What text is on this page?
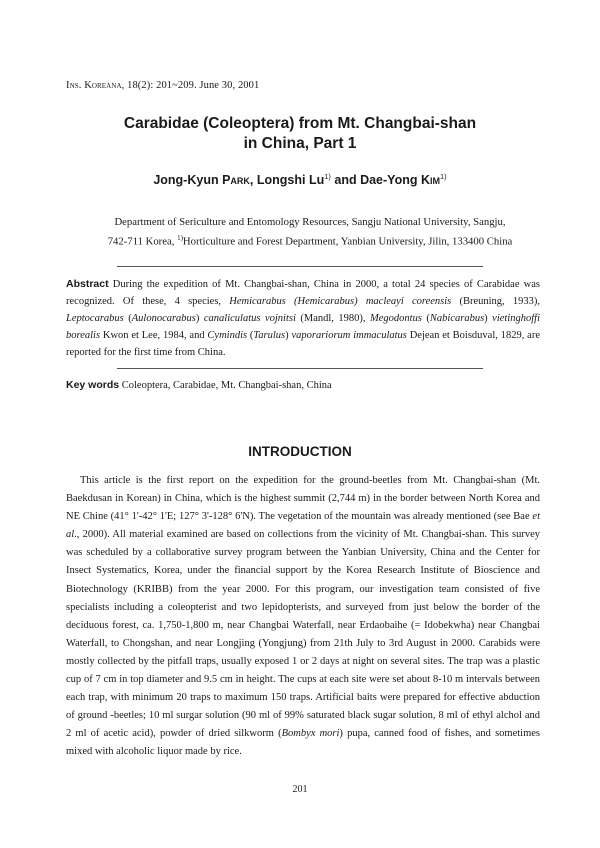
Ins. Koreana, 18(2): 201~209. June 30, 2001
Carabidae (Coleoptera) from Mt. Changbai-shan
in China, Part 1
Jong-Kyun Park, Longshi Lu$^{1)}$ and Dae-Yong Kim$^{1)}$
Department of Sericulture and Entomology Resources, Sangju National University, Sangju,
742-711 Korea, $^{1)}$Horticulture and Forest Department, Yanbian University, Jilin, 133400 China
Abstract During the expedition of Mt. Changbai-shan, China in 2000, a total 24 species of Carabidae was recognized. Of these, 4 species, Hemicarabus (Hemicarabus) macleayi coreensis (Breuning, 1933), Leptocarabus (Aulonocarabus) canaliculatus vojnitsi (Mandl, 1980), Megodontus (Nabicarabus) vietinghoffi borealis Kwon et Lee, 1984, and Cymindis (Tarulus) vaporariorum immaculatus Dejean et Boisduval, 1829, are reported for the first time from China.
Key words Coleoptera, Carabidae, Mt. Changbai-shan, China
INTRODUCTION
This article is the first report on the expedition for the ground-beetles from Mt. Changbai-shan (Mt. Baekdusan in Korean) in China, which is the highest summit (2,744 m) in the border between North Korea and NE Chine (41° 1'-42° 1'E; 127° 3'-128° 6'N). The vegetation of the mountain was already mentioned (see Bae et al., 2000). All material examined are based on collections from the vicinity of Mt. Changbai-shan. This survey was scheduled by a collaborative survey program between the Yanbian University, China and the Center for Insect Systematics, Korea, under the financial support by the Korea Research Institute of Bioscience and Biotechnology (KRIBB) from the year 2000. For this program, our investigation team consisted of five specialists including a coleopterist and two lepidopterists, and surveyed from just below the border of the deciduous forest, ca. 1,750-1,800 m, near Changbai Waterfall, near Erdaobaihe (= Idobekwha) near Changbai Waterfall, to Chongshan, and near Longjing (Yongjung) from 21th July to 3rd August in 2000. Carabids were mostly collected by the pitfall traps, usually exposed 1 or 2 days at night on several sites. The trap was a plastic cup of 7 cm in top diameter and 9.5 cm in height. The cups at each site were set about 8-10 m intervals between each trap, with minimum 20 traps to maximum 150 traps. Artificial baits were prepared for effective abduction of ground -beetles; 10 ml surgar solution (90 ml of 99% saturated black sugar solution, 8 ml of ethyl alchol and 2 ml of acetic acid), powder of dried silkworm (Bombyx mori) pupa, canned food of fishes, and sometimes mixed with alcoholic liquor made by rice.
201
